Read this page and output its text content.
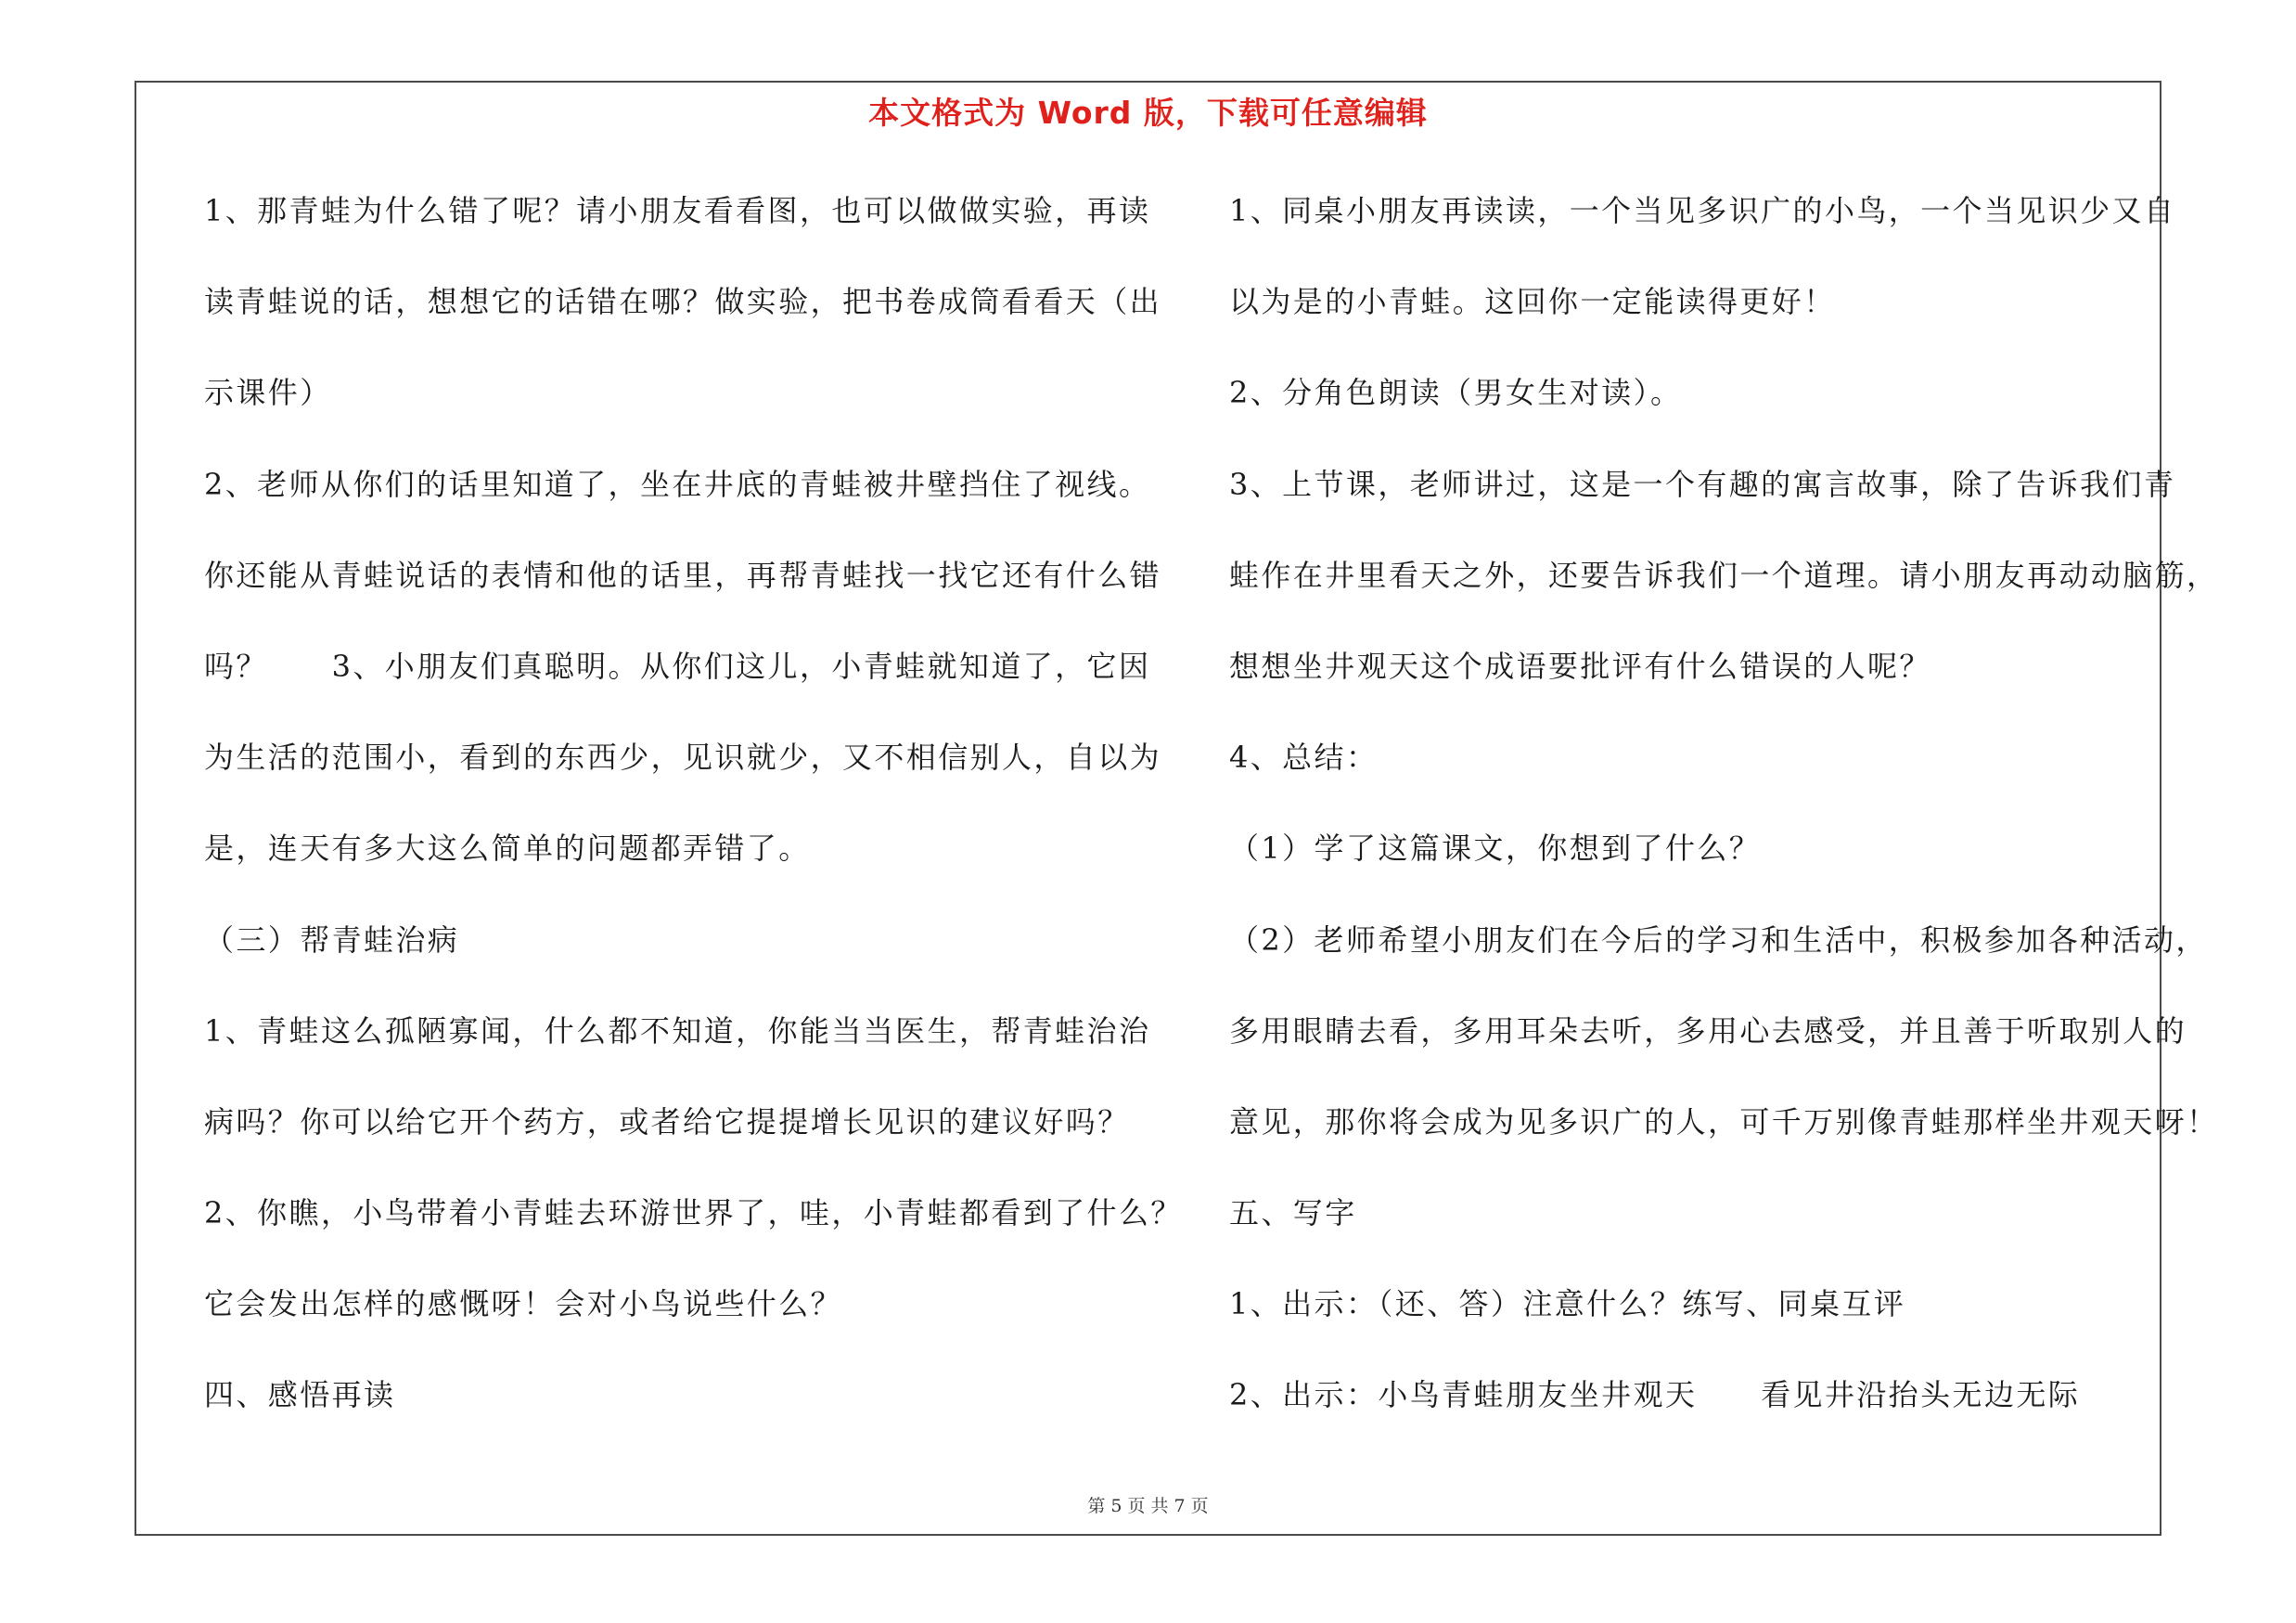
本文格式为 Word 版，下载可任意编辑
1、那青蛙为什么错了呢？请小朋友看看图，也可以做做实验，再读
读青蛙说的话，想想它的话错在哪？做实验，把书卷成筒看看天（出
示课件）
2、老师从你们的话里知道了，坐在井底的青蛙被井壁挡住了视线。
你还能从青蛙说话的表情和他的话里，再帮青蛙找一找它还有什么错
吗？　　3、小朋友们真聪明。从你们这儿，小青蛙就知道了，它因
为生活的范围小，看到的东西少，见识就少，又不相信别人，自以为
是，连天有多大这么简单的问题都弄错了。
（三）帮青蛙治病
1、青蛙这么孤陋寡闻，什么都不知道，你能当当医生，帮青蛙治治
病吗？你可以给它开个药方，或者给它提提增长见识的建议好吗？
2、你瞧，小鸟带着小青蛙去环游世界了，哇，小青蛙都看到了什么？
它会发出怎样的感慨呀！会对小鸟说些什么？
四、感悟再读
1、同桌小朋友再读读，一个当见多识广的小鸟，一个当见识少又自
以为是的小青蛙。这回你一定能读得更好！
2、分角色朗读（男女生对读）。
3、上节课，老师讲过，这是一个有趣的寓言故事，除了告诉我们青
蛙作在井里看天之外，还要告诉我们一个道理。请小朋友再动动脑筋，
想想坐井观天这个成语要批评有什么错误的人呢？
4、总结：
（1）学了这篇课文，你想到了什么？
（2）老师希望小朋友们在今后的学习和生活中，积极参加各种活动，
多用眼睛去看，多用耳朵去听，多用心去感受，并且善于听取别人的
意见，那你将会成为见多识广的人，可千万别像青蛙那样坐井观天呀！
五、写字
1、出示：（还、答）注意什么？练写、同桌互评
2、出示：小鸟青蛙朋友坐井观天　　看见井沿抬头无边无际
第 5 页 共 7 页
